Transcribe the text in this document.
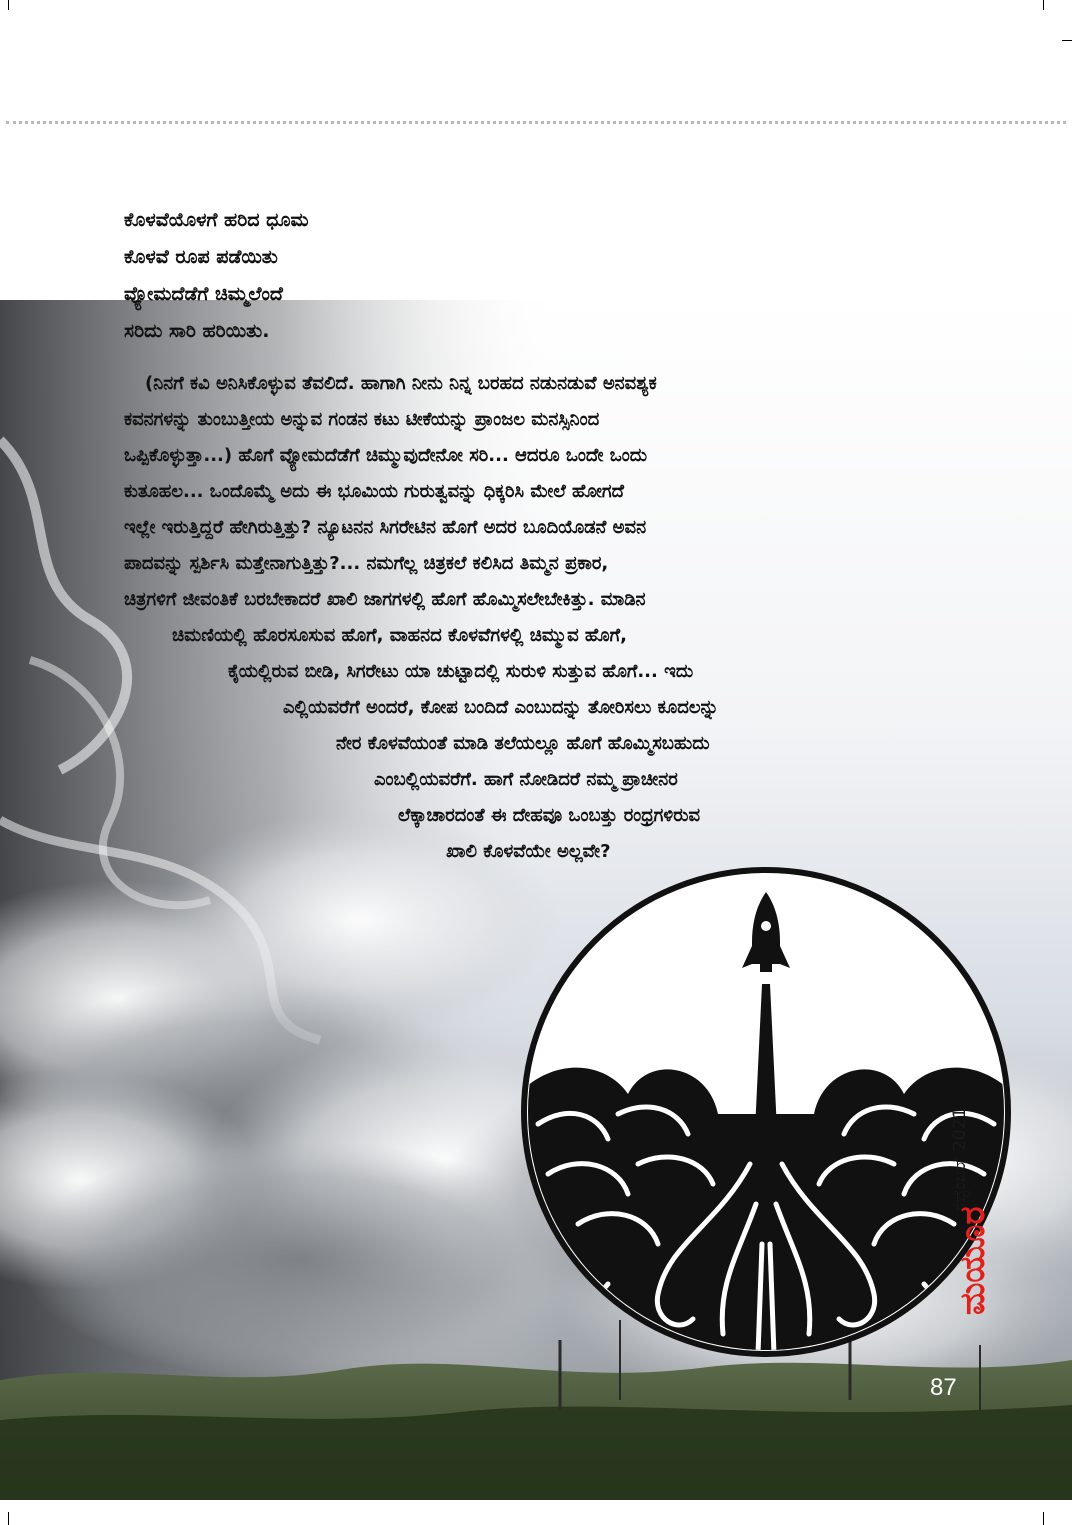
ಕೊಳವೆಯೊಳಗೆ ಹರಿದ ಧೂಮ
ಕೊಳವೆ ರೂಪ ಪಡೆಯಿತು
ವ್ಯೋಮದೆಡೆಗೆ ಚಿಮ್ಮಲೆಂದೆ
ಸರಿದು ಸಾರಿ ಹರಿಯಿತು.
(ನಿನಗೆ ಕವಿ ಅನಿಸಿಕೊಳ್ಳುವ ತೆವಲಿದೆ. ಹಾಗಾಗಿ ನೀನು ನಿನ್ನ ಬರಹದ ನಡುನಡುವೆ ಅನವಶ್ಯಕ
ಕವನಗಳನ್ನು ತುಂಬುತ್ತೀಯ ಅನ್ನುವ ಗಂಡನ ಕಟು ಟೀಕೆಯನ್ನು ಪ್ರಾಂಜಲ ಮನಸ್ಸಿನಿಂದ
ಒಪ್ಪಿಕೊಳ್ಳುತ್ತಾ...) ಹೊಗೆ ವ್ಯೋಮದೆಡೆಗೆ ಚಿಮ್ಮುವುದೇನೋ ಸರಿ... ಆದರೂ ಒಂದೇ ಒಂದು
ಕುತೂಹಲ... ಒಂದೊಮ್ಮೆ ಅದು ಈ ಭೂಮಿಯ ಗುರುತ್ವವನ್ನು ಧಿಕ್ಕರಿಸಿ ಮೇಲೆ ಹೋಗದೆ
ಇಲ್ಲೇ ಇರುತ್ತಿದ್ದರೆ ಹೇಗಿರುತ್ತಿತ್ತು? ನ್ಯೂಟನನ ಸಿಗರೇಟಿನ ಹೊಗೆ ಅದರ ಬೂದಿಯೊಡನೆ ಅವನ
ಪಾದವನ್ನು ಸ್ಪರ್ಶಿಸಿ ಮತ್ತೇನಾಗುತ್ತಿತ್ತು?... ನಮಗೆಲ್ಲ ಚಿತ್ರಕಲೆ ಕಲಿಸಿದ ತಿಮ್ಮನ ಪ್ರಕಾರ,
ಚಿತ್ರಗಳಿಗೆ ಜೀವಂತಿಕೆ ಬರಬೇಕಾದರೆ ಖಾಲಿ ಜಾಗಗಳಲ್ಲಿ ಹೊಗೆ ಹೊಮ್ಮಿಸಲೇಬೇಕಿತ್ತು. ಮಾಡಿನ
ಚಿಮಣಿಯಲ್ಲಿ ಹೊರಸೂಸುವ ಹೊಗೆ, ವಾಹನದ ಕೊಳವೆಗಳಲ್ಲಿ ಚಿಮ್ಮುವ ಹೊಗೆ,
ಕೈಯಲ್ಲಿರುವ ಬೀಡಿ, ಸಿಗರೇಟು ಯಾ ಚುಟ್ಟಾದಲ್ಲಿ ಸುರುಳಿ ಸುತ್ತುವ ಹೊಗೆ... ಇದು
ಎಲ್ಲಿಯವರೆಗೆ ಅಂದರೆ, ಕೋಪ ಬಂದಿದೆ ಎಂಬುದನ್ನು ತೋರಿಸಲು ಕೂದಲನ್ನು
ನೇರ ಕೊಳವೆಯಂತೆ ಮಾಡಿ ತಲೆಯಲ್ಲೂ ಹೊಗೆ ಹೊಮ್ಮಿಸಬಹುದು
ಎಂಬಲ್ಲಿಯವರೆಗೆ. ಹಾಗೆ ನೋಡಿದರೆ ನಮ್ಮ ಪ್ರಾಚೀನರ
ಲೆಕ್ಕಾಚಾರದಂತೆ ಈ ದೇಹವೂ ಒಂಬತ್ತು ರಂಧ್ರಗಳಿರುವ
ಖಾಲಿ ಕೊಳವೆಯೇ ಅಲ್ಲವೇ?
ಸೆಪ್ಟೆಂಬರ್ 2021
ಮಯೂರ
87
